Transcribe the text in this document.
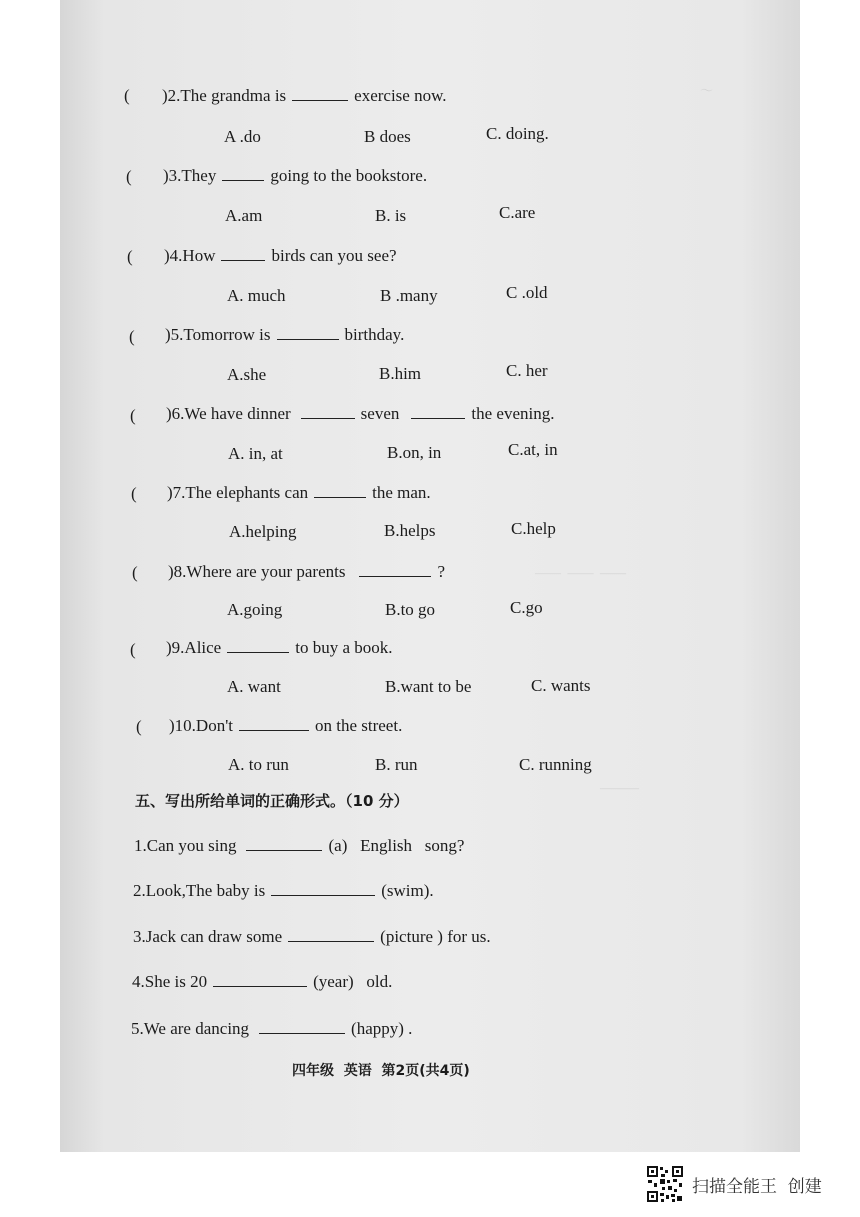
～
——  ——  ——
———
( )2.The grandma is	exercise now.
A .do	B does	C. doing.
( )3.They	going to the bookstore.
A.am	B. is	C.are
( )4.How	birds can you see?
A. much	B .many	C .old
( )5.Tomorrow is	birthday.
A.she	B.him	C. her
( )6.We have dinner	seven	the evening.
A. in, at	B.on, in	C.at, in
( )7.The elephants can	the man.
A.helping	B.helps	C.help
( )8.Where are your parents	?
A.going	B.to go	C.go
( )9.Alice	to buy a book.
A. want	B.want to be	C. wants
( )10.Don't	on the street.
A. to run	B. run	C. running
五、写出所给单词的正确形式。（10 分）
1.Can you sing	(a)   English   song?
2.Look,The baby is	(swim).
3.Jack can draw some	(picture ) for us.
4.She is 20	(year)   old.
5.We are dancing	(happy) .
四年级  英语  第2页(共4页)
扫描全能王  创建
